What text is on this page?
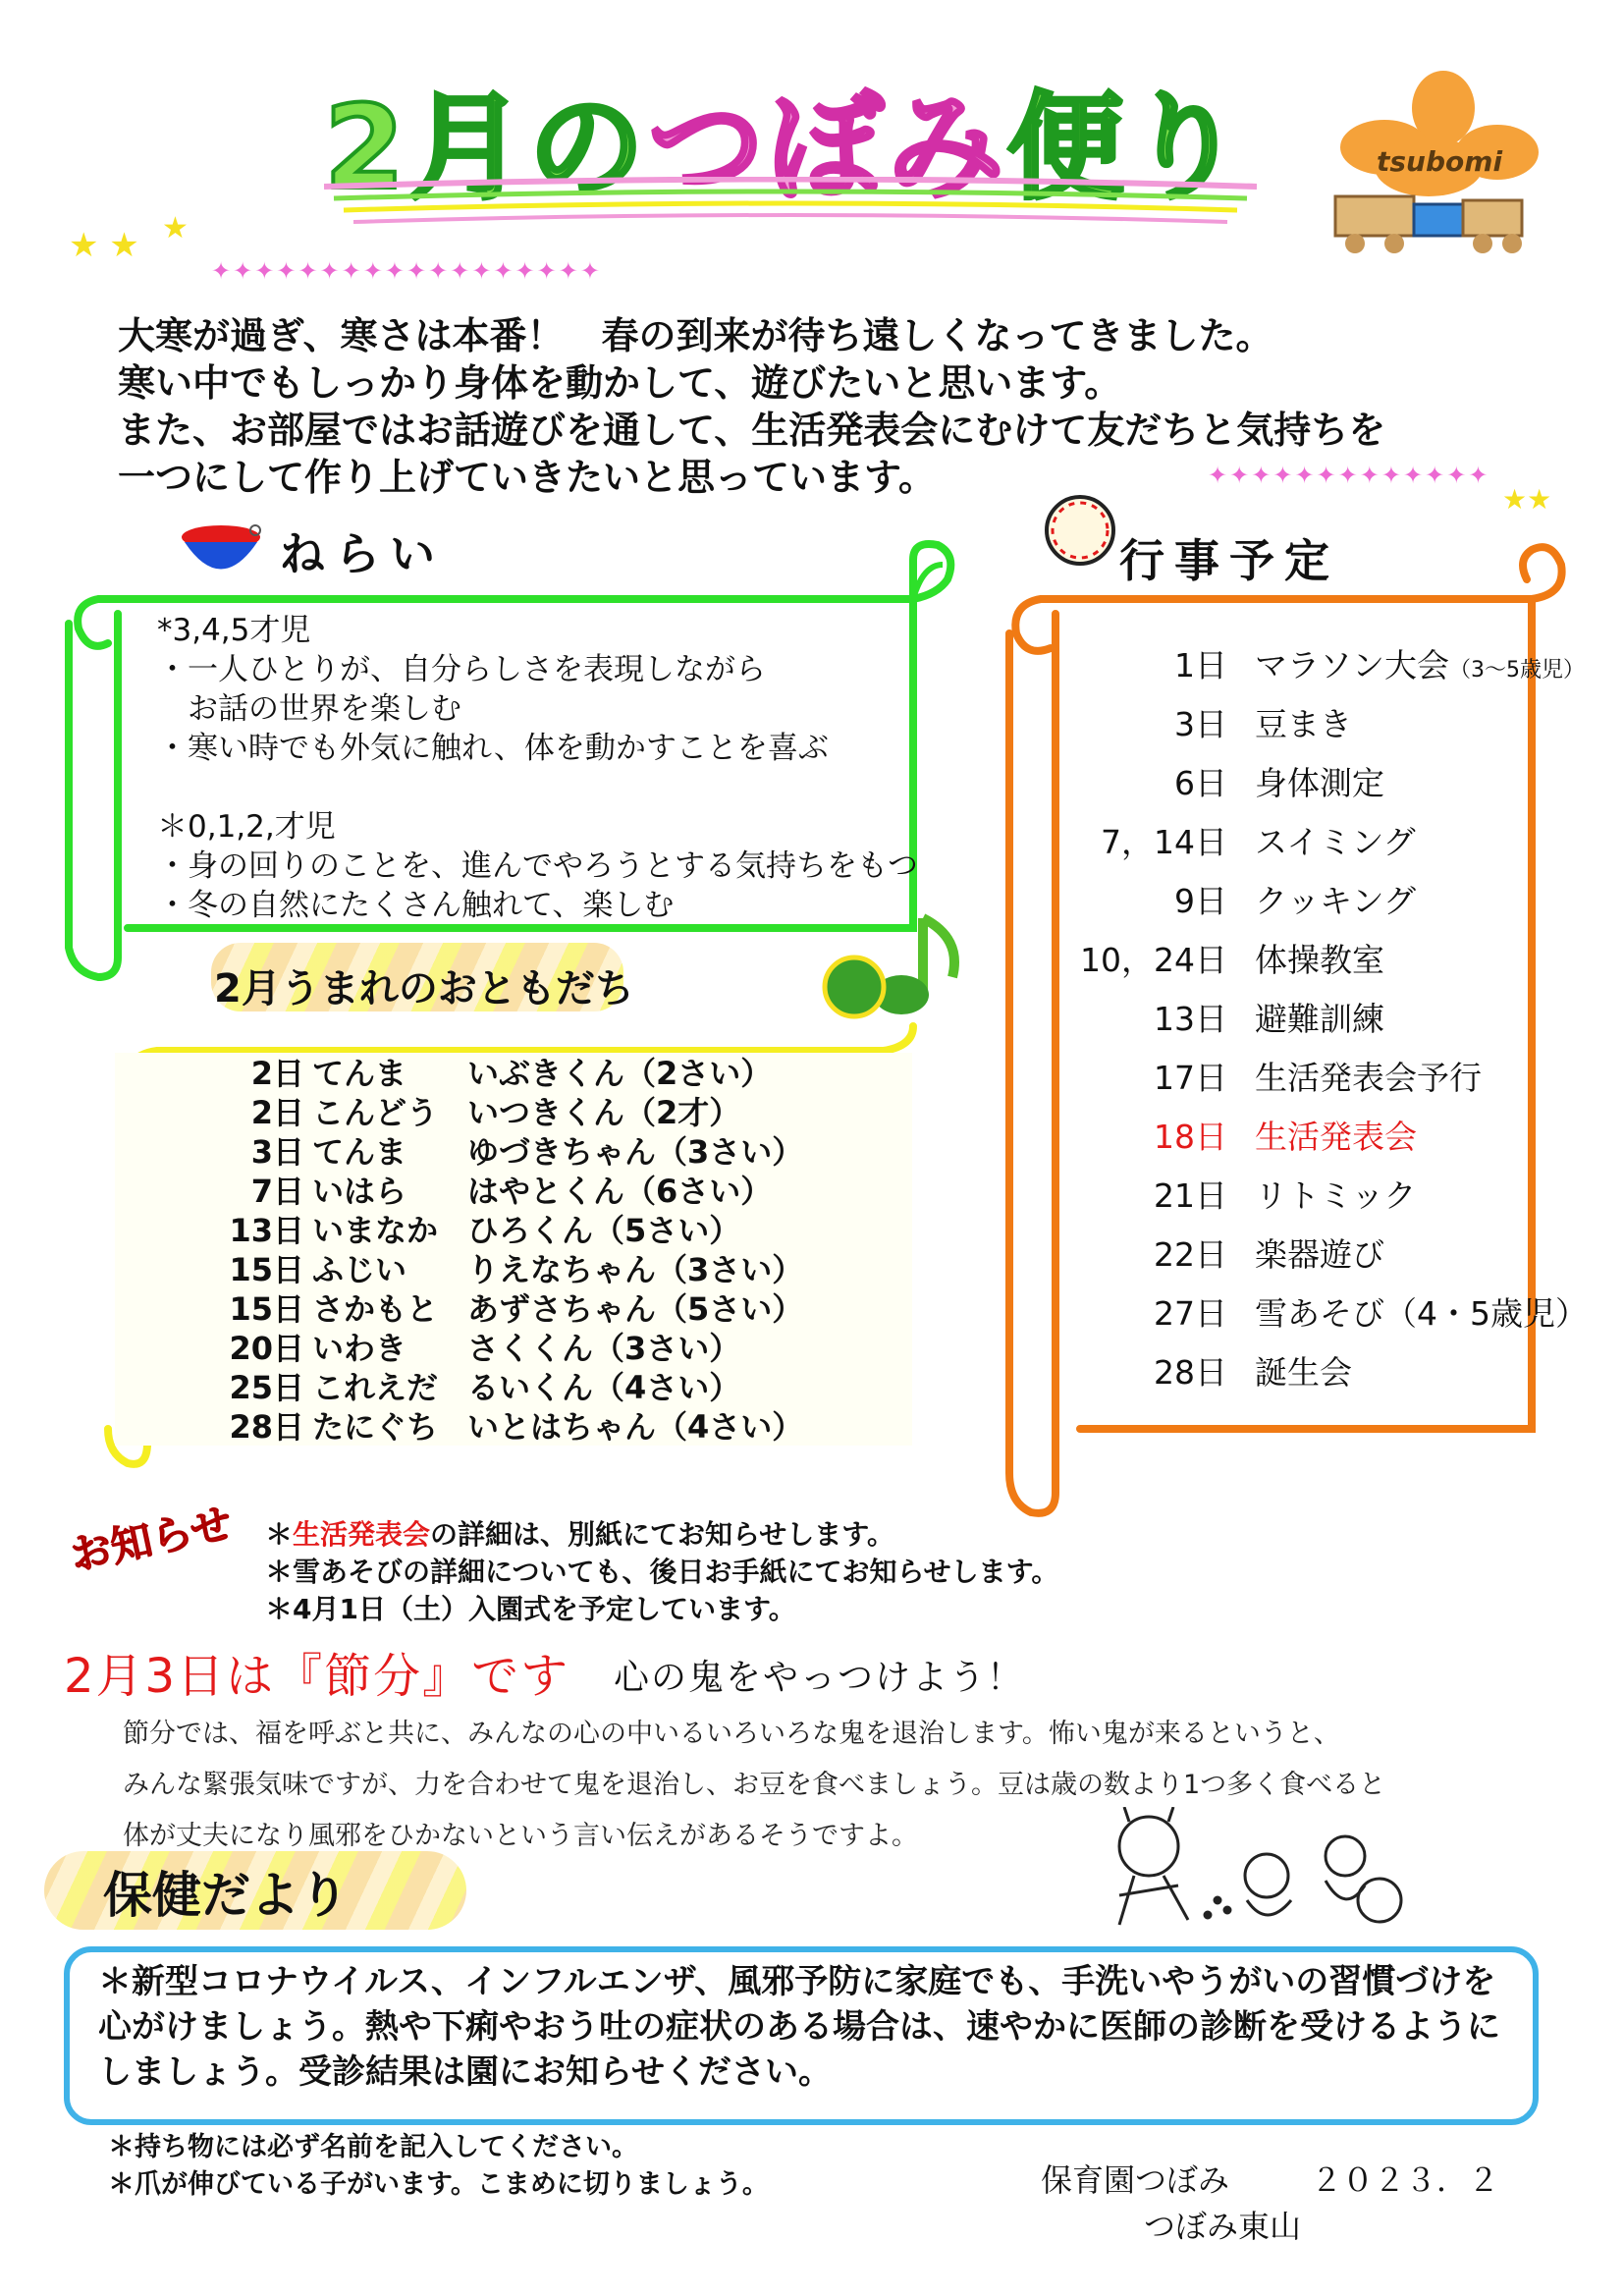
2月のつぼみ便り	tsubomi
★ ★ ★
✦✦✦✦✦✦✦✦✦✦✦✦✦✦✦✦✦✦
✦✦✦✦✦✦✦✦✦✦✦✦✦
★★
大寒が過ぎ、寒さは本番！　春の到来が待ち遠しくなってきました。
寒い中でもしっかり身体を動かして、遊びたいと思います。
また、お部屋ではお話遊びを通して、生活発表会にむけて友だちと気持ちを
一つにして作り上げていきたいと思っています。
ねらい
*3,4,5才児
・一人ひとりが、自分らしさを表現しながら
　お話の世界を楽しむ
・寒い時でも外気に触れ、体を動かすことを喜ぶ

＊0,1,2,才児
・身の回りのことを、進んでやろうとする気持ちをもつ
・冬の自然にたくさん触れて、楽しむ
2月うまれのおともだち
2日	てんま	いぶきくん（2さい）
2日	こんどう	いつきくん（2才）
3日	てんま	ゆづきちゃん（3さい）
7日	いはら	はやとくん（6さい）
13日	いまなか	ひろくん（5さい）
15日	ふじい	りえなちゃん（3さい）
15日	さかもと	あずさちゃん（5さい）
20日	いわき	さくくん（3さい）
25日	これえだ	るいくん（4さい）
28日	たにぐち	いとはちゃん（4さい）
行事予定
1日	マラソン大会（3～5歳児）
3日	豆まき
6日	身体測定
7，14日	スイミング
9日	クッキング
10，24日	体操教室
13日	避難訓練
17日	生活発表会予行
18日	生活発表会
21日	リトミック
22日	楽器遊び
27日	雪あそび（4・5歳児）
28日	誕生会
お知らせ ＊生活発表会の詳細は、別紙にてお知らせします。
＊雪あそびの詳細についても、後日お手紙にてお知らせします。
＊4月1日（土）入園式を予定しています。
2月3日は『節分』です 心の鬼をやっつけよう！
節分では、福を呼ぶと共に、みんなの心の中いるいろいろな鬼を退治します。怖い鬼が来るというと、
みんな緊張気味ですが、力を合わせて鬼を退治し、お豆を食べましょう。豆は歳の数より1つ多く食べると
体が丈夫になり風邪をひかないという言い伝えがあるそうですよ。
保健だより
＊新型コロナウイルス、インフルエンザ、風邪予防に家庭でも、手洗いやうがいの習慣づけを
心がけましょう。熱や下痢やおう吐の症状のある場合は、速やかに医師の診断を受けるように
しましょう。受診結果は園にお知らせください。
＊持ち物には必ず名前を記入してください。
＊爪が伸びている子がいます。こまめに切りましょう。	保育園つぼみ	２０２３．２
つぼみ東山
